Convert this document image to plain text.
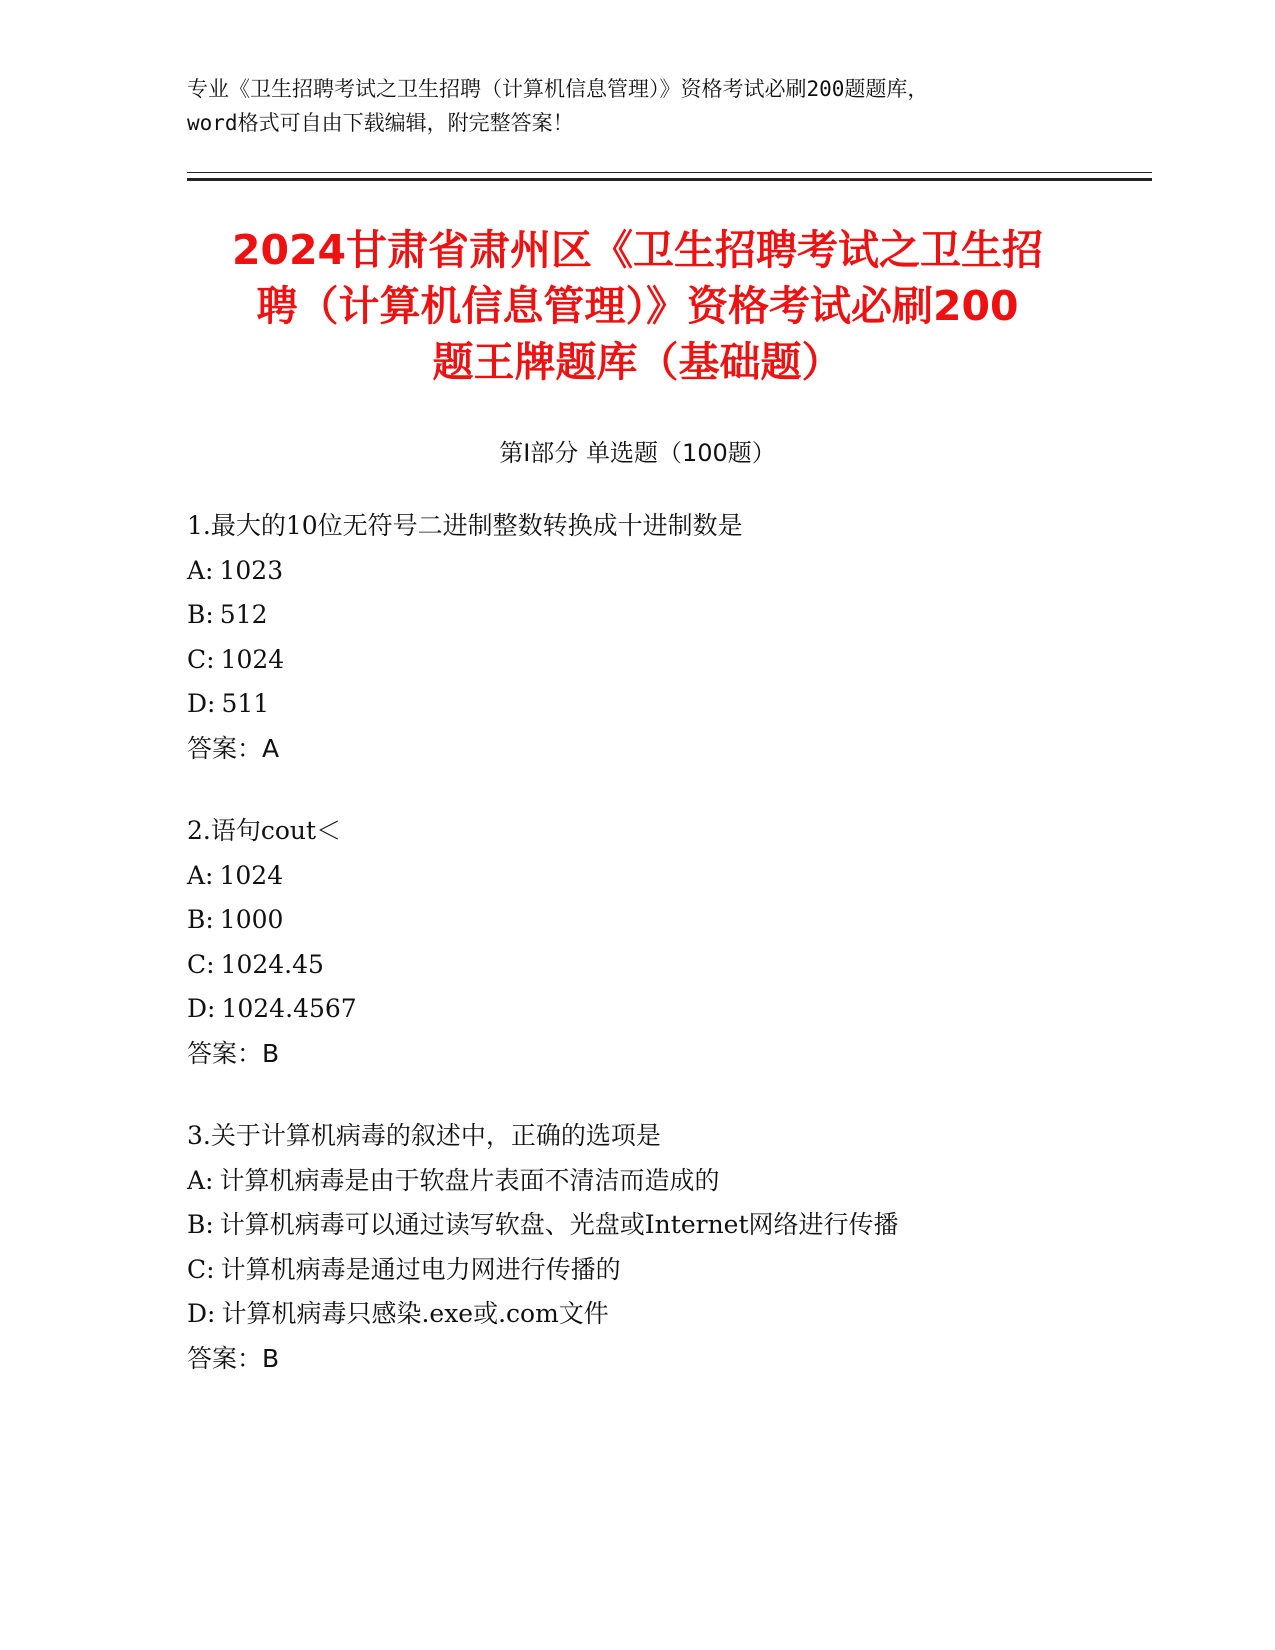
专业《卫生招聘考试之卫生招聘（计算机信息管理）》资格考试必刷200题题库，
word格式可自由下载编辑，附完整答案！
2024甘肃省肃州区《卫生招聘考试之卫生招
聘（计算机信息管理）》资格考试必刷200
题王牌题库（基础题）
第Ⅰ部分 单选题（100题）
1.最大的10位无符号二进制整数转换成十进制数是
A: 1023
B: 512
C: 1024
D: 511
答案：A
2.语句cout＜
A: 1024
B: 1000
C: 1024.45
D: 1024.4567
答案：B
3.关于计算机病毒的叙述中，正确的选项是
A: 计算机病毒是由于软盘片表面不清洁而造成的
B: 计算机病毒可以通过读写软盘、光盘或Internet网络进行传播
C: 计算机病毒是通过电力网进行传播的
D: 计算机病毒只感染.exe或.com文件
答案：B
